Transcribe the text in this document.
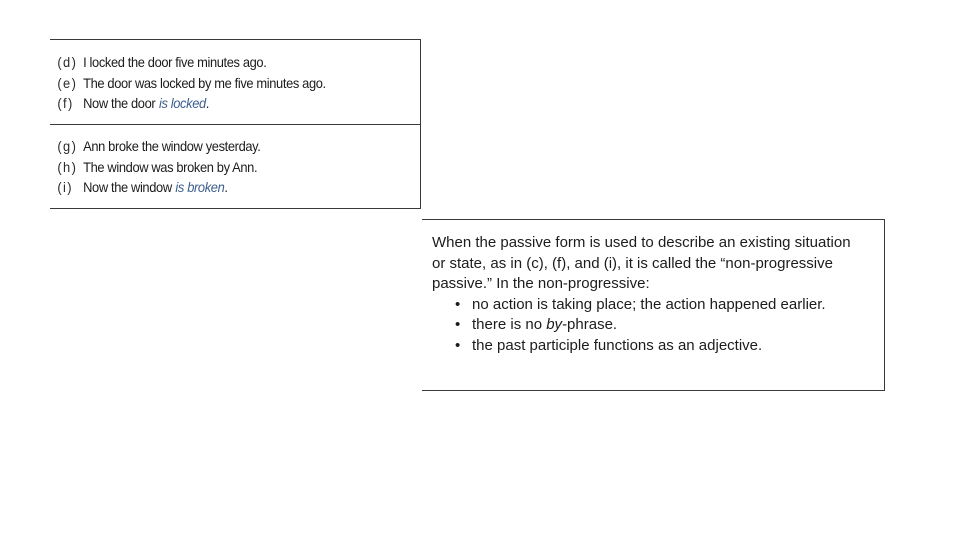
(d) I locked the door five minutes ago.
(e) The door was locked by me five minutes ago.
(f) Now the door is locked .
(g) Ann broke the window yesterday.
(h) The window was broken by Ann.
(i) Now the window is broken .

When the passive form is used to describe an existing situation or state, as in (c), (f), and (i), it is called the “non-progressive passive.” In the non-progressive:

• no action is taking place; the action happened earlier.
• there is no by-phrase.
• the past participle functions as an adjective.
